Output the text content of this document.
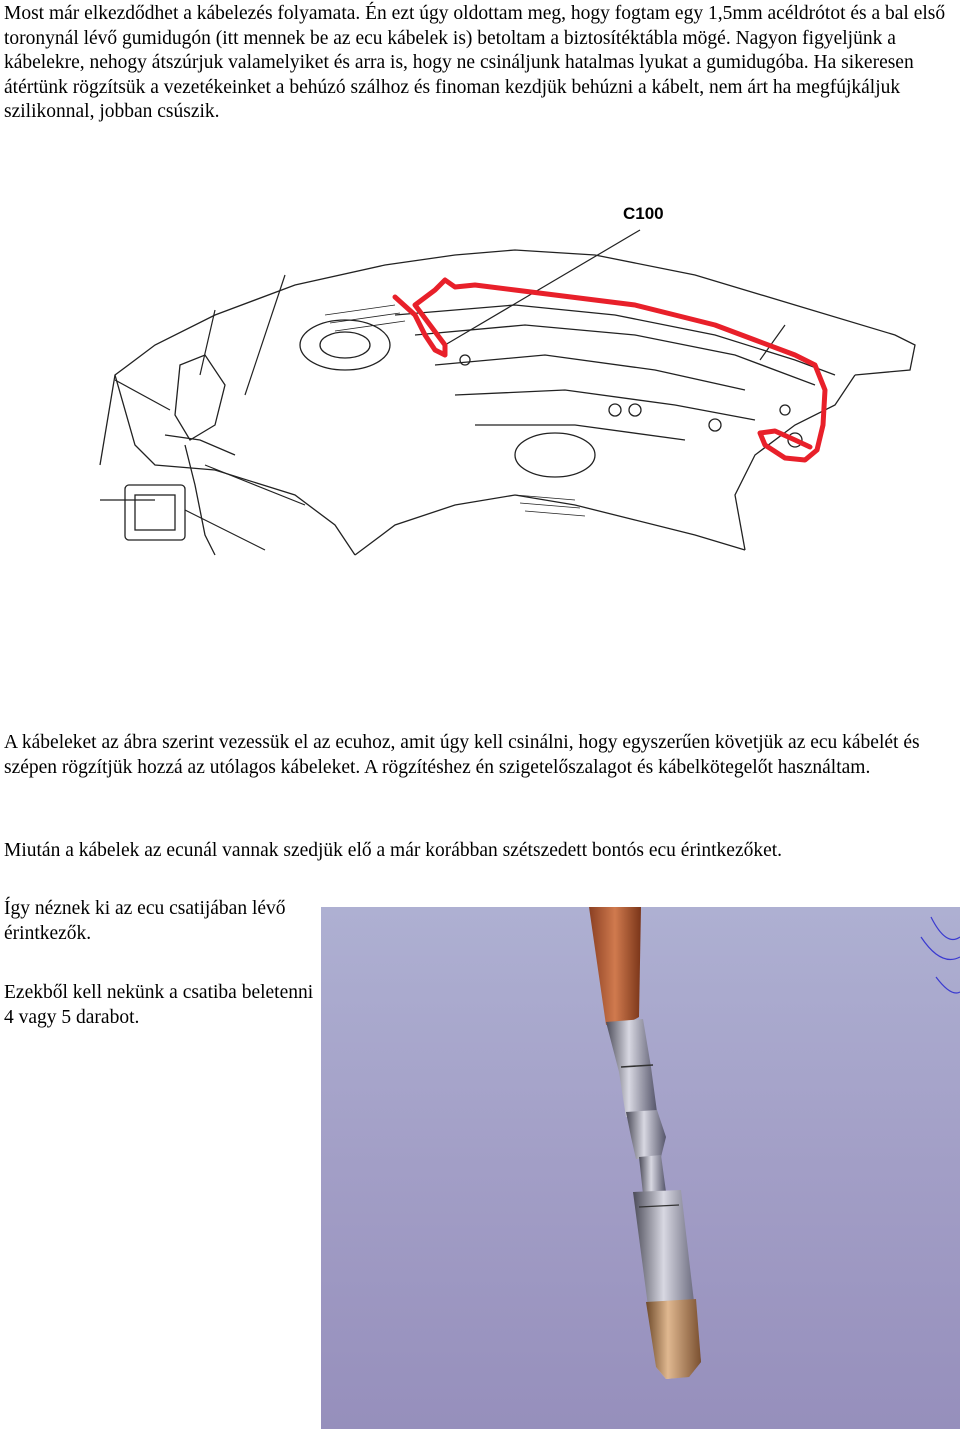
Most már elkezdődhet a kábelezés folyamata. Én ezt úgy oldottam meg, hogy fogtam egy 1,5mm acéldrótot és a bal első toronynál lévő gumidugón (itt mennek be az ecu kábelek is) betoltam a biztosítéktábla mögé. Nagyon figyeljünk a kábelekre, nehogy átszúrjuk valamelyiket és arra is, hogy ne csináljunk hatalmas lyukat a gumidugóba. Ha sikeresen átértünk rögzítsük a vezetékeinket a behúzó szálhoz és finoman kezdjük behúzni a kábelt, nem árt ha megfújkáljuk szilikonnal, jobban csúszik.

C100

A kábeleket az ábra szerint vezessük el az ecuhoz, amit úgy kell csinálni, hogy egyszerűen követjük az ecu kábelét és szépen rögzítjük hozzá az utólagos kábeleket. A rögzítéshez én szigetelőszalagot és kábelkötegelőt használtam.

Miután a kábelek az ecunál vannak szedjük elő a már korábban szétszedett bontós ecu érintkezőket.

Így néznek ki az ecu csatijában lévő érintkezők.

Ezekből kell nekünk a csatiba beletenni 4 vagy 5 darabot.
